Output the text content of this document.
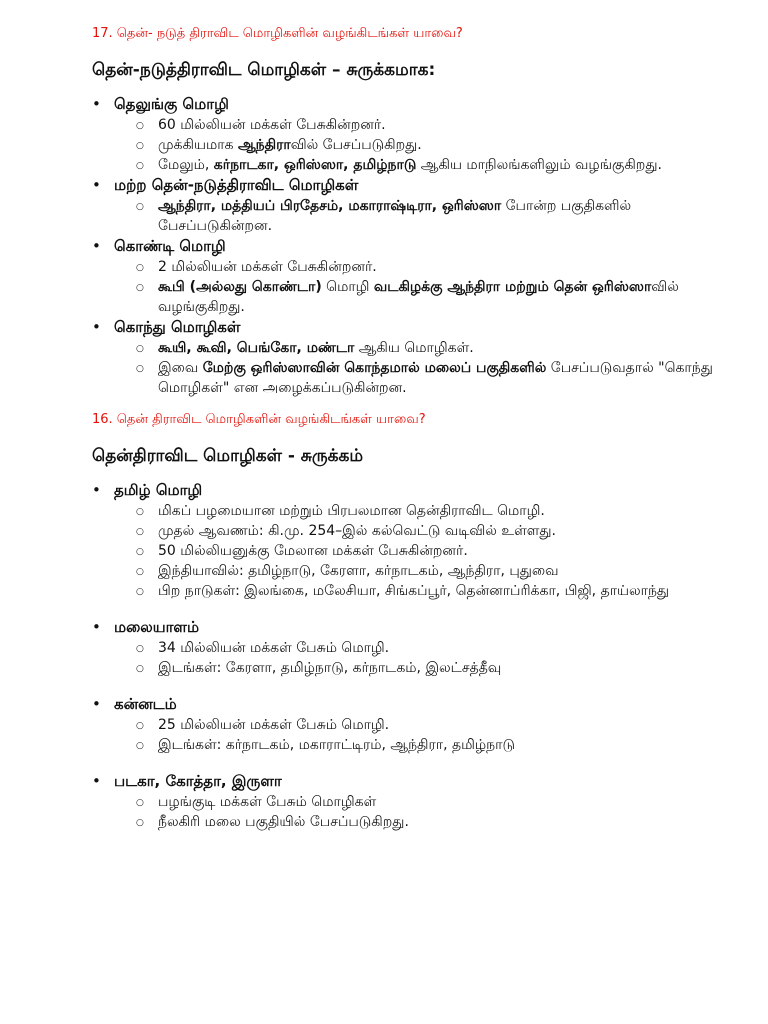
17. தென்- நடுத் திராவிட மொழிகளின் வழங்கிடங்கள் யாவை?

தென்-நடுத்திராவிட மொழிகள் – சுருக்கமாக:
• தெலுங்கு மொழி
○ 60 மில்லியன் மக்கள் பேசுகின்றனர்.
○ முக்கியமாக ஆந்திராவில் பேசப்படுகிறது.
○ மேலும், கர்நாடகா, ஒரிஸ்ஸா, தமிழ்நாடு ஆகிய மாநிலங்களிலும் வழங்குகிறது.
• மற்ற தென்-நடுத்திராவிட மொழிகள்
○ ஆந்திரா, மத்தியப் பிரதேசம், மகாராஷ்டிரா, ஒரிஸ்ஸா போன்ற பகுதிகளில் பேசப்படுகின்றன.
• கொண்டி மொழி
○ 2 மில்லியன் மக்கள் பேசுகின்றனர்.
○ கூபி (அல்லது கொண்டா) மொழி வடகிழக்கு ஆந்திரா மற்றும் தென் ஒரிஸ்ஸாவில் வழங்குகிறது.
• கொந்து மொழிகள்
○ கூயி, கூவி, பெங்கோ, மண்டா ஆகிய மொழிகள்.
○ இவை மேற்கு ஒரிஸ்ஸாவின் கொந்தமால் மலைப் பகுதிகளில் பேசப்படுவதால் "கொந்து மொழிகள்" என அழைக்கப்படுகின்றன.

16. தென் திராவிட மொழிகளின் வழங்கிடங்கள் யாவை?

தென்திராவிட மொழிகள் - சுருக்கம்
• தமிழ் மொழி
○ மிகப் பழமையான மற்றும் பிரபலமான தென்திராவிட மொழி.
○ முதல் ஆவணம்: கி.மு. 254–இல் கல்வெட்டு வடிவில் உள்ளது.
○ 50 மில்லியனுக்கு மேலான மக்கள் பேசுகின்றனர்.
○ இந்தியாவில்: தமிழ்நாடு, கேரளா, கர்நாடகம், ஆந்திரா, புதுவை
○ பிற நாடுகள்: இலங்கை, மலேசியா, சிங்கப்பூர், தென்னாப்ரிக்கா, பிஜி, தாய்லாந்து
• மலையாளம்
○ 34 மில்லியன் மக்கள் பேசும் மொழி.
○ இடங்கள்: கேரளா, தமிழ்நாடு, கர்நாடகம், இலட்சத்தீவு
• கன்னடம்
○ 25 மில்லியன் மக்கள் பேசும் மொழி.
○ இடங்கள்: கர்நாடகம், மகாராட்டிரம், ஆந்திரா, தமிழ்நாடு
• படகா, கோத்தா, இருளா
○ பழங்குடி மக்கள் பேசும் மொழிகள்
○ நீலகிரி மலை பகுதியில் பேசப்படுகிறது.
